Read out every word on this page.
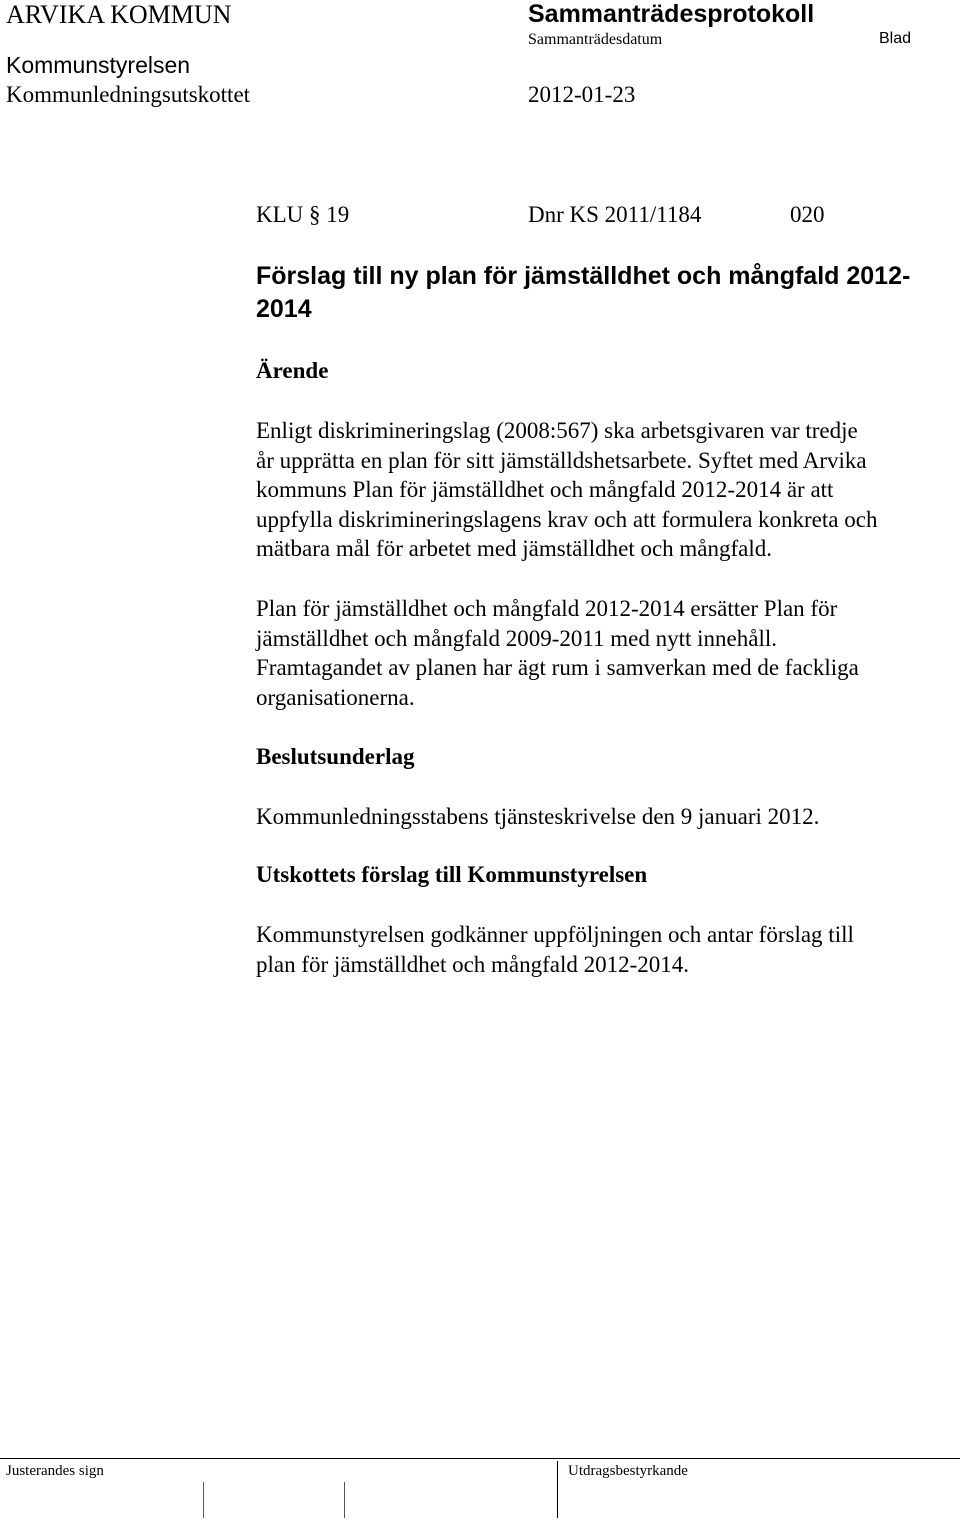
ARVIKA KOMMUN	Sammanträdesprotokoll
Sammanträdesdatum	Blad
Kommunstyrelsen
Kommunledningsutskottet	2012-01-23
KLU § 19	Dnr KS 2011/1184	020
Förslag till ny plan för jämställdhet och mångfald 2012-2014
Ärende
Enligt diskrimineringslag (2008:567) ska arbetsgivaren var tredje
år upprätta en plan för sitt jämställdshetsarbete. Syftet med Arvika
kommuns Plan för jämställdhet och mångfald 2012-2014 är att
uppfylla diskrimineringslagens krav och att formulera konkreta och
mätbara mål för arbetet med jämställdhet och mångfald.
Plan för jämställdhet och mångfald 2012-2014 ersätter Plan för
jämställdhet och mångfald 2009-2011 med nytt innehåll.
Framtagandet av planen har ägt rum i samverkan med de fackliga
organisationerna.
Beslutsunderlag
Kommunledningsstabens tjänsteskrivelse den 9 januari 2012.
Utskottets förslag till Kommunstyrelsen
Kommunstyrelsen godkänner uppföljningen och antar förslag till
plan för jämställdhet och mångfald 2012-2014.
Justerandes sign	Utdragsbestyrkande
